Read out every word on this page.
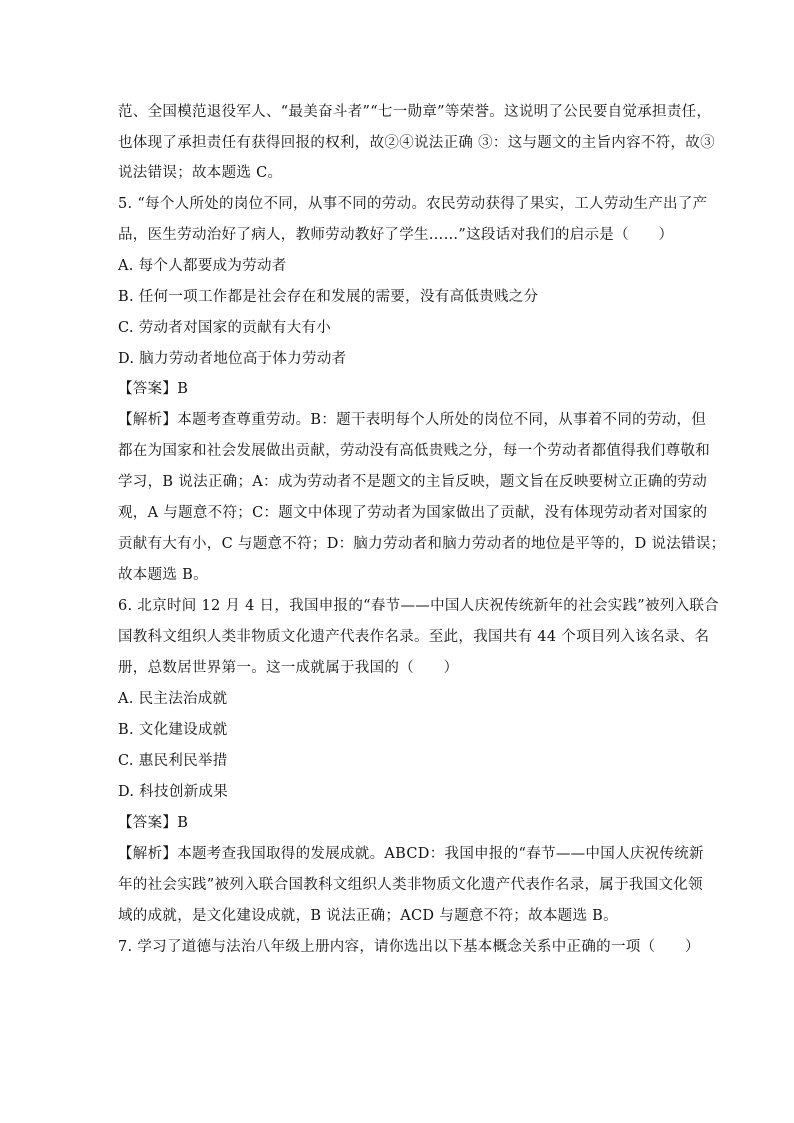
范、全国模范退役军人、“最美奋斗者”“七一勋章”等荣誉。这说明了公民要自觉承担责任，
也体现了承担责任有获得回报的权利，故②④说法正确 ③：这与题文的主旨内容不符，故③
说法错误；故本题选 C。
5. “每个人所处的岗位不同，从事不同的劳动。农民劳动获得了果实，工人劳动生产出了产
品，医生劳动治好了病人，教师劳动教好了学生……”这段话对我们的启示是（　　）
A. 每个人都要成为劳动者
B. 任何一项工作都是社会存在和发展的需要，没有高低贵贱之分
C. 劳动者对国家的贡献有大有小
D. 脑力劳动者地位高于体力劳动者
【答案】B
【解析】本题考查尊重劳动。B：题干表明每个人所处的岗位不同，从事着不同的劳动，但
都在为国家和社会发展做出贡献，劳动没有高低贵贱之分，每一个劳动者都值得我们尊敬和
学习，B 说法正确；A：成为劳动者不是题文的主旨反映，题文旨在反映要树立正确的劳动
观，A 与题意不符；C：题文中体现了劳动者为国家做出了贡献，没有体现劳动者对国家的
贡献有大有小，C 与题意不符；D：脑力劳动者和脑力劳动者的地位是平等的，D 说法错误；
故本题选 B。
6. 北京时间 12 月 4 日，我国申报的“春节——中国人庆祝传统新年的社会实践”被列入联合
国教科文组织人类非物质文化遗产代表作名录。至此，我国共有 44 个项目列入该名录、名
册，总数居世界第一。这一成就属于我国的（　　）
A. 民主法治成就
B. 文化建设成就
C. 惠民利民举措
D. 科技创新成果
【答案】B
【解析】本题考查我国取得的发展成就。ABCD：我国申报的“春节——中国人庆祝传统新
年的社会实践”被列入联合国教科文组织人类非物质文化遗产代表作名录，属于我国文化领
域的成就，是文化建设成就，B 说法正确；ACD 与题意不符；故本题选 B。
7. 学习了道德与法治八年级上册内容，请你选出以下基本概念关系中正确的一项（　　）
